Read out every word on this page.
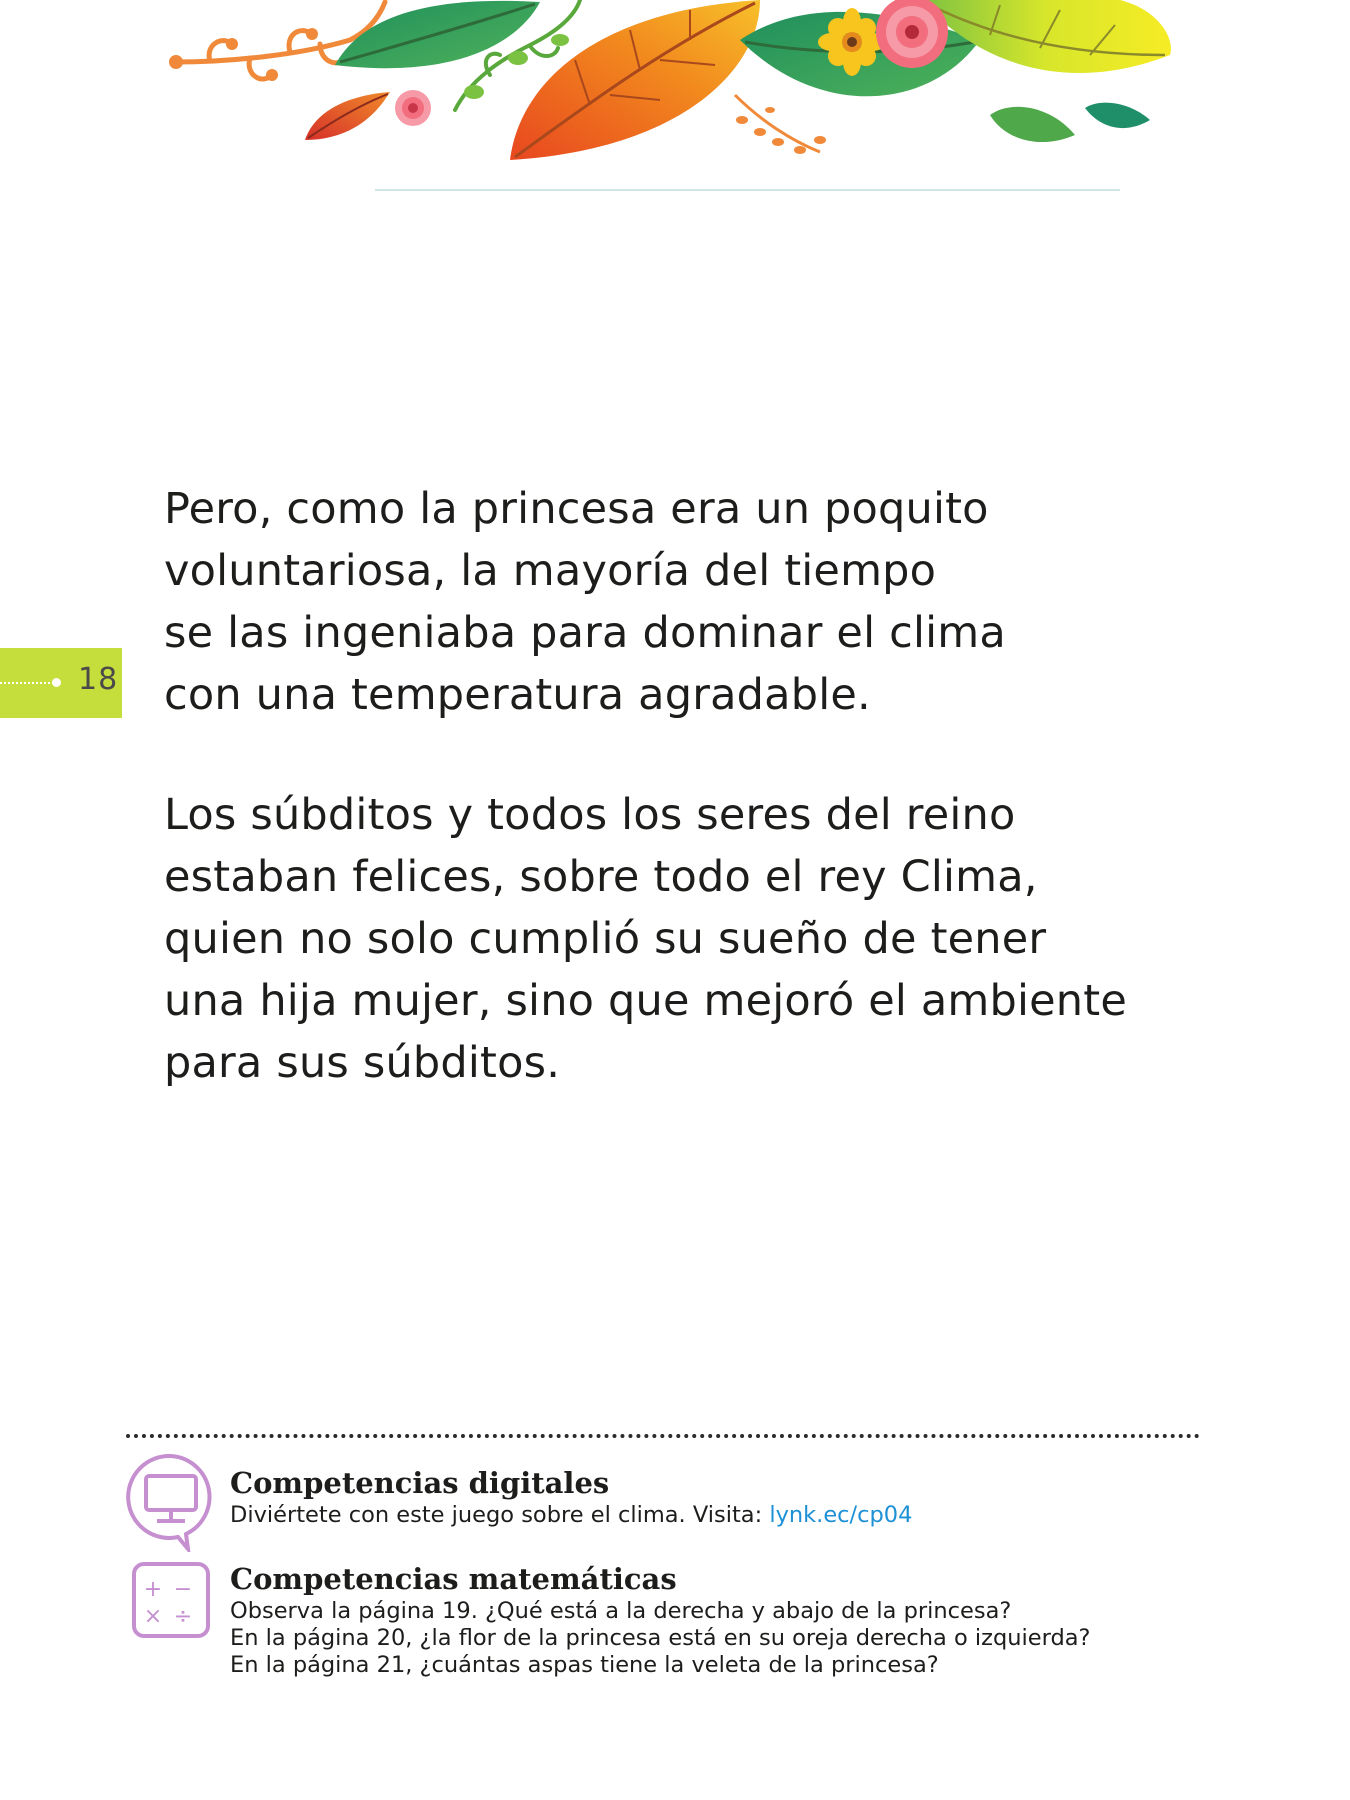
18

Pero, como la princesa era un poquito
voluntariosa, la mayoría del tiempo
se las ingeniaba para dominar el clima
con una temperatura agradable.

Los súbditos y todos los seres del reino
estaban felices, sobre todo el rey Clima,
quien no solo cumplió su sueño de tener
una hija mujer, sino que mejoró el ambiente
para sus súbditos.

Competencias digitales
Diviértete con este juego sobre el clima. Visita: lynk.ec/cp04
+ −
× ÷
Competencias matemáticas
Observa la página 19. ¿Qué está a la derecha y abajo de la princesa?
En la página 20, ¿la flor de la princesa está en su oreja derecha o izquierda?
En la página 21, ¿cuántas aspas tiene la veleta de la princesa?
